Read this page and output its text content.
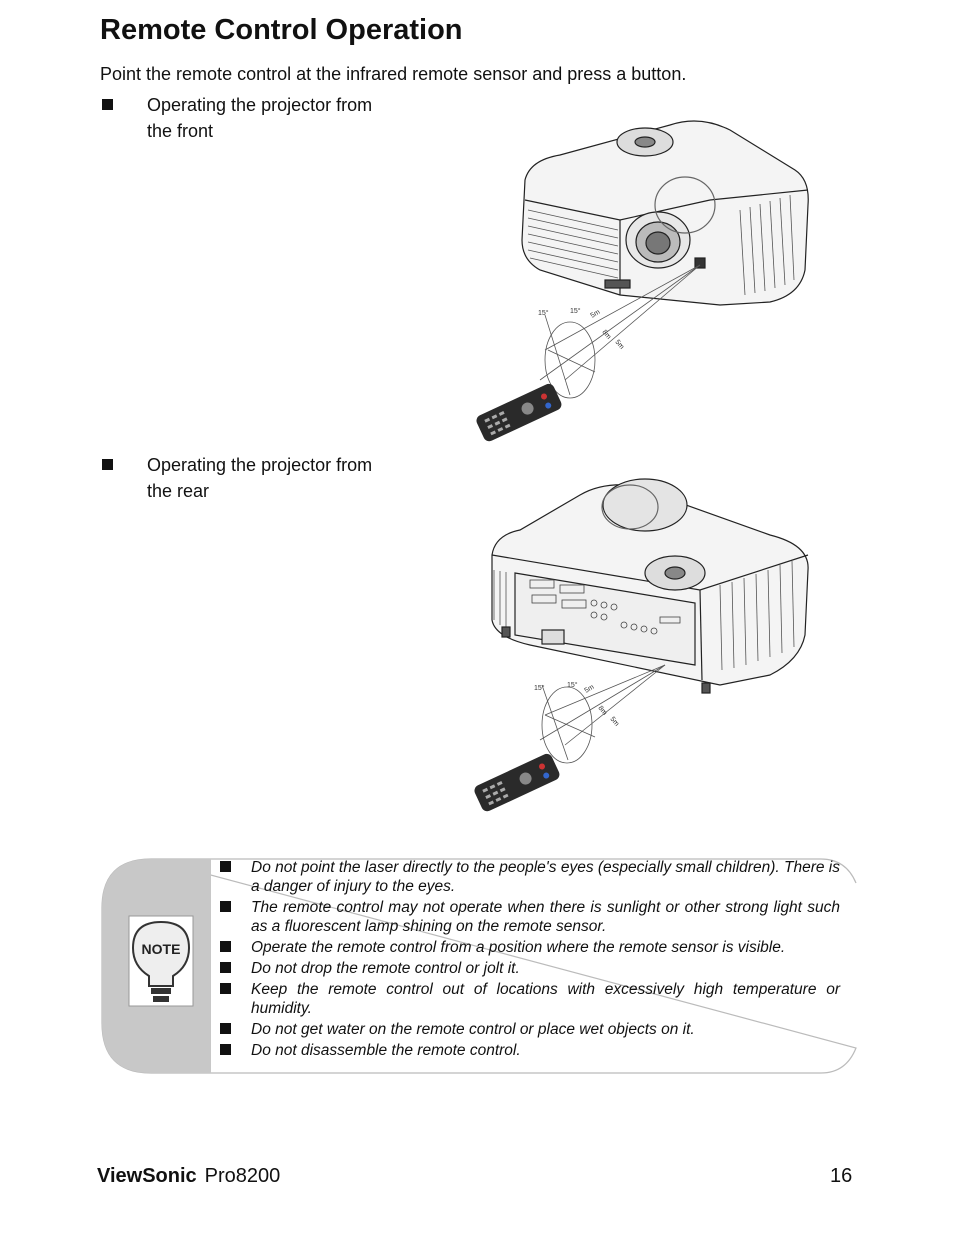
Remote Control Operation
Point the remote control at the infrared remote sensor and press a button.
Operating the projector from
the front
Operating the projector from
the rear
15°	15° 5m
8m
5m
15°	15° 5m
8m
5m
NOTE
Do not point the laser directly to the people's eyes (especially small children). There is a danger of injury to the eyes.
The remote control may not operate when there is sunlight or other strong light such as a fluorescent lamp shining on the remote sensor.
Operate the remote control from a position where the remote sensor is visible.
Do not drop the remote control or jolt it.
Keep the remote control out of locations with excessively high temperature or humidity.
Do not get water on the remote control or place wet objects on it.
Do not disassemble the remote control.
ViewSonic Pro8200	16
